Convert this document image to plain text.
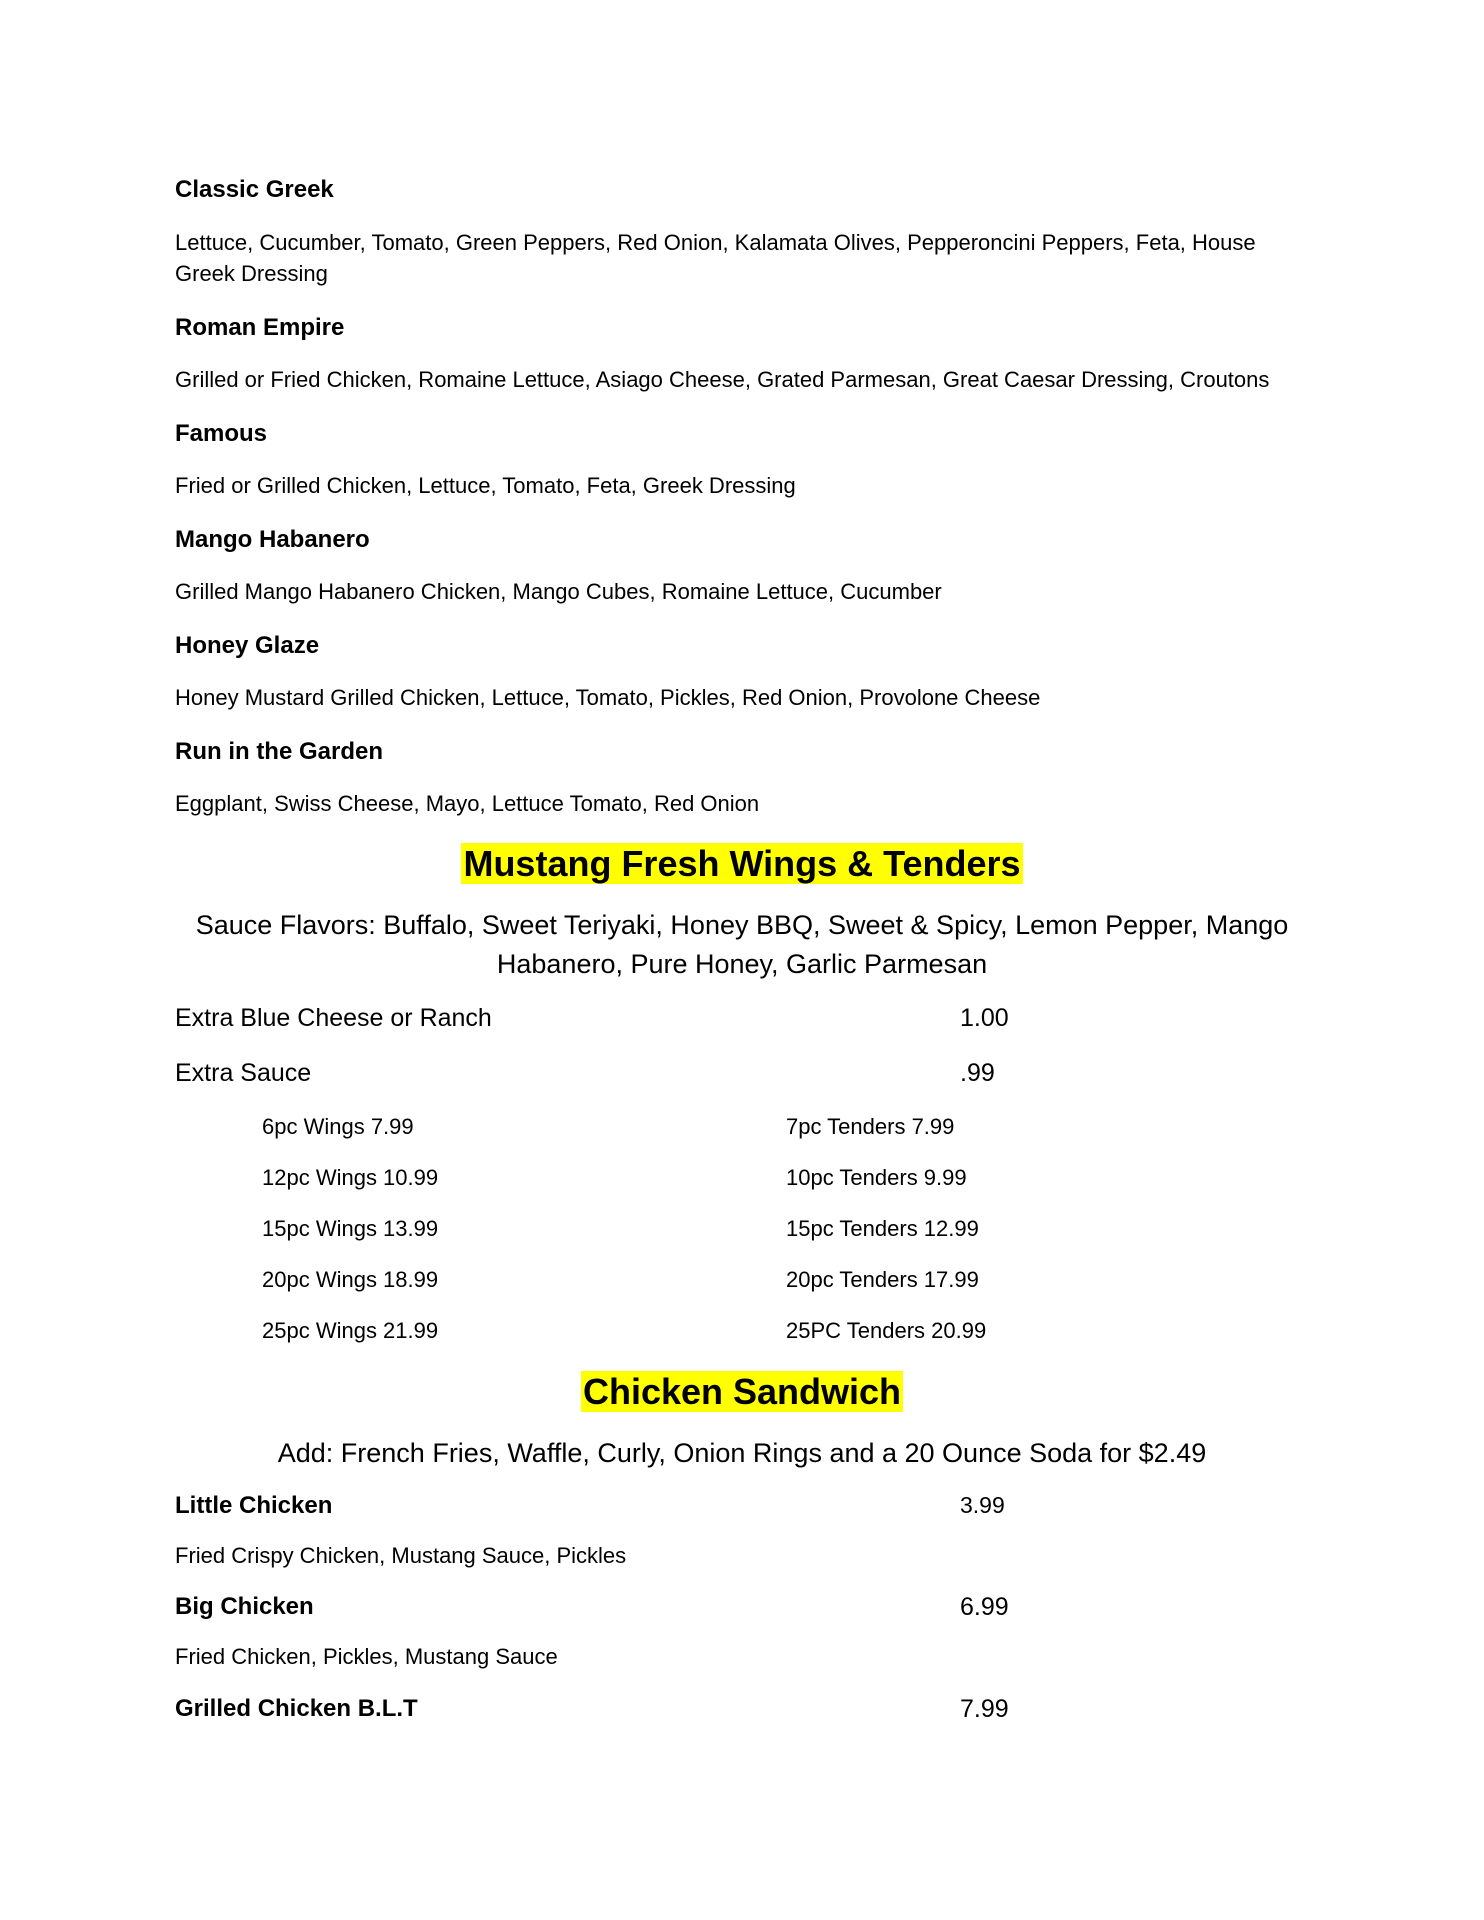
Classic Greek
Lettuce, Cucumber, Tomato, Green Peppers, Red Onion, Kalamata Olives, Pepperoncini Peppers, Feta, House
Greek Dressing
Roman Empire
Grilled or Fried Chicken, Romaine Lettuce, Asiago Cheese, Grated Parmesan, Great Caesar Dressing, Croutons
Famous
Fried or Grilled Chicken, Lettuce, Tomato, Feta, Greek Dressing
Mango Habanero
Grilled Mango Habanero Chicken, Mango Cubes, Romaine Lettuce, Cucumber
Honey Glaze
Honey Mustard Grilled Chicken, Lettuce, Tomato, Pickles, Red Onion, Provolone Cheese
Run in the Garden
Eggplant, Swiss Cheese, Mayo, Lettuce Tomato, Red Onion
Mustang Fresh Wings & Tenders
Sauce Flavors: Buffalo, Sweet Teriyaki, Honey BBQ, Sweet & Spicy, Lemon Pepper, Mango
Habanero, Pure Honey, Garlic Parmesan
Extra Blue Cheese or Ranch	1.00
Extra Sauce	.99
6pc Wings 7.99	7pc Tenders 7.99
12pc Wings 10.99	10pc Tenders 9.99
15pc Wings 13.99	15pc Tenders 12.99
20pc Wings 18.99	20pc Tenders 17.99
25pc Wings 21.99	25PC Tenders 20.99
Chicken Sandwich
Add: French Fries, Waffle, Curly, Onion Rings and a 20 Ounce Soda for $2.49
Little Chicken	3.99
Fried Crispy Chicken, Mustang Sauce, Pickles
Big Chicken	6.99
Fried Chicken, Pickles, Mustang Sauce
Grilled Chicken B.L.T	7.99
